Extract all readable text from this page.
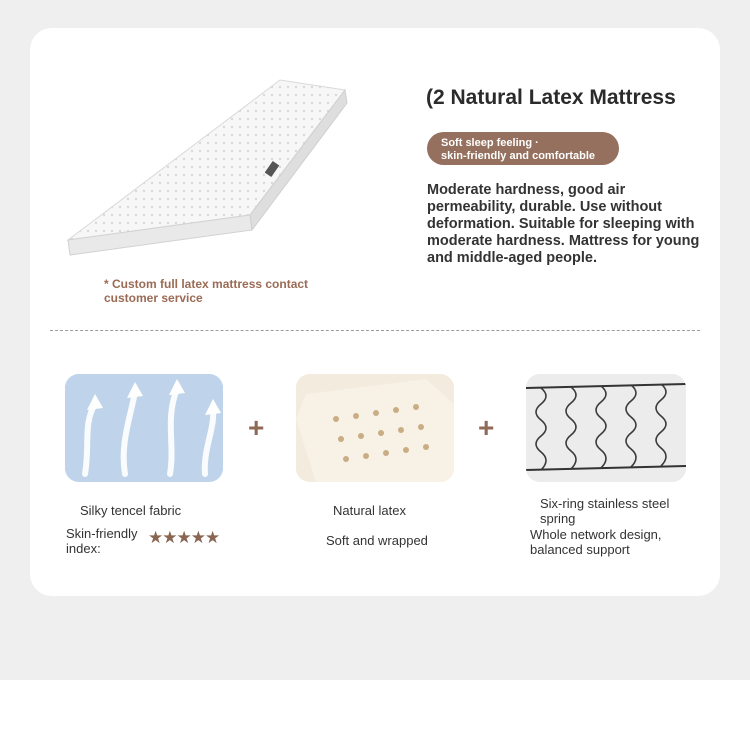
* Custom full latex mattress contact customer service
(2 Natural Latex Mattress
Soft sleep feeling ·
skin-friendly and comfortable
Moderate hardness, good air permeability, durable. Use without deformation. Suitable for sleeping with moderate hardness. Mattress for young and middle-aged people.
+	+
Silky tencel fabric
Skin-friendly index:
★★★★★
Natural latex
Soft and wrapped
Six-ring stainless steel spring
Whole network design, balanced support
